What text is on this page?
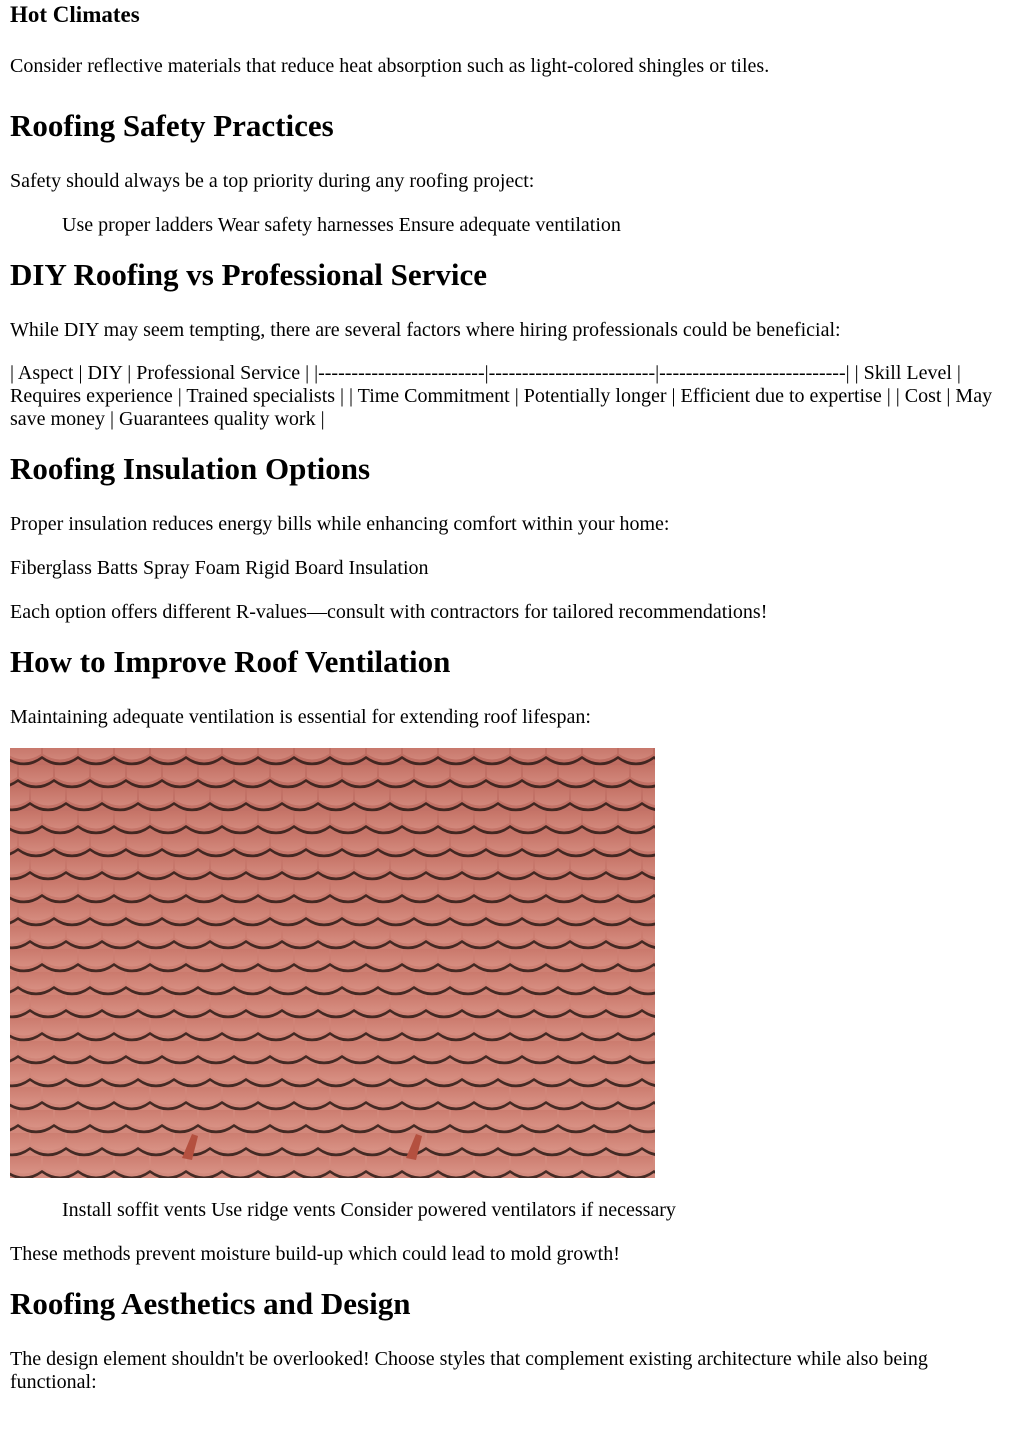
Hot Climates

Consider reflective materials that reduce heat absorption such as light-colored shingles or tiles.

Roofing Safety Practices

Safety should always be a top priority during any roofing project:

Use proper ladders Wear safety harnesses Ensure adequate ventilation

DIY Roofing vs Professional Service

While DIY may seem tempting, there are several factors where hiring professionals could be beneficial:

| Aspect | DIY | Professional Service | |-------------------------|-------------------------|----------------------------| | Skill Level | Requires experience | Trained specialists | | Time Commitment | Potentially longer | Efficient due to expertise | | Cost | May save money | Guarantees quality work |

Roofing Insulation Options

Proper insulation reduces energy bills while enhancing comfort within your home:

Fiberglass Batts Spray Foam Rigid Board Insulation

Each option offers different R-values—consult with contractors for tailored recommendations!

How to Improve Roof Ventilation

Maintaining adequate ventilation is essential for extending roof lifespan:

Install soffit vents Use ridge vents Consider powered ventilators if necessary

These methods prevent moisture build-up which could lead to mold growth!

Roofing Aesthetics and Design

The design element shouldn't be overlooked! Choose styles that complement existing architecture while also being functional:
